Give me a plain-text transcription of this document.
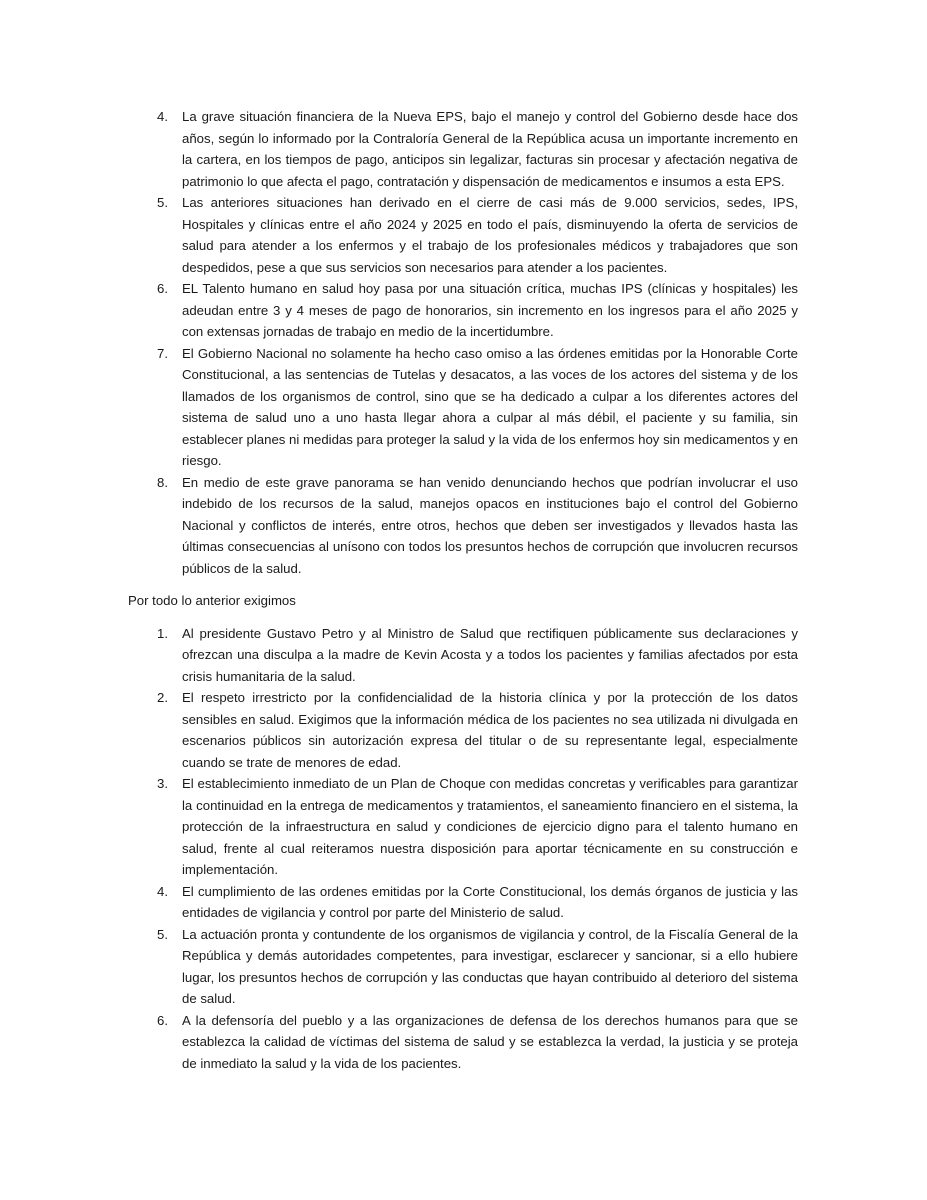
4. La grave situación financiera de la Nueva EPS, bajo el manejo y control del Gobierno desde hace dos años, según lo informado por la Contraloría General de la República acusa un importante incremento en la cartera, en los tiempos de pago, anticipos sin legalizar, facturas sin procesar y afectación negativa de patrimonio lo que afecta el pago, contratación y dispensación de medicamentos e insumos a esta EPS.
5. Las anteriores situaciones han derivado en el cierre de casi más de 9.000 servicios, sedes, IPS, Hospitales y clínicas entre el año 2024 y 2025 en todo el país, disminuyendo la oferta de servicios de salud para atender a los enfermos y el trabajo de los profesionales médicos y trabajadores que son despedidos, pese a que sus servicios son necesarios para atender a los pacientes.
6. EL Talento humano en salud hoy pasa por una situación crítica, muchas IPS (clínicas y hospitales) les adeudan entre 3 y 4 meses de pago de honorarios, sin incremento en los ingresos para el año 2025 y con extensas jornadas de trabajo en medio de la incertidumbre.
7. El Gobierno Nacional no solamente ha hecho caso omiso a las órdenes emitidas por la Honorable Corte Constitucional, a las sentencias de Tutelas y desacatos, a las voces de los actores del sistema y de los llamados de los organismos de control, sino que se ha dedicado a culpar a los diferentes actores del sistema de salud uno a uno hasta llegar ahora a culpar al más débil, el paciente y su familia, sin establecer planes ni medidas para proteger la salud y la vida de los enfermos hoy sin medicamentos y en riesgo.
8. En medio de este grave panorama se han venido denunciando hechos que podrían involucrar el uso indebido de los recursos de la salud, manejos opacos en instituciones bajo el control del Gobierno Nacional y conflictos de interés, entre otros, hechos que deben ser investigados y llevados hasta las últimas consecuencias al unísono con todos los presuntos hechos de corrupción que involucren recursos públicos de la salud.

Por todo lo anterior exigimos

1. Al presidente Gustavo Petro y al Ministro de Salud que rectifiquen públicamente sus declaraciones y ofrezcan una disculpa a la madre de Kevin Acosta y a todos los pacientes y familias afectados por esta crisis humanitaria de la salud.
2. El respeto irrestricto por la confidencialidad de la historia clínica y por la protección de los datos sensibles en salud. Exigimos que la información médica de los pacientes no sea utilizada ni divulgada en escenarios públicos sin autorización expresa del titular o de su representante legal, especialmente cuando se trate de menores de edad.
3. El establecimiento inmediato de un Plan de Choque con medidas concretas y verificables para garantizar la continuidad en la entrega de medicamentos y tratamientos, el saneamiento financiero en el sistema, la protección de la infraestructura en salud y condiciones de ejercicio digno para el talento humano en salud, frente al cual reiteramos nuestra disposición para aportar técnicamente en su construcción e implementación.
4. El cumplimiento de las ordenes emitidas por la Corte Constitucional, los demás órganos de justicia y las entidades de vigilancia y control por parte del Ministerio de salud.
5. La actuación pronta y contundente de los organismos de vigilancia y control, de la Fiscalía General de la República y demás autoridades competentes, para investigar, esclarecer y sancionar, si a ello hubiere lugar, los presuntos hechos de corrupción y las conductas que hayan contribuido al deterioro del sistema de salud.
6. A la defensoría del pueblo y a las organizaciones de defensa de los derechos humanos para que se establezca la calidad de víctimas del sistema de salud y se establezca la verdad, la justicia y se proteja de inmediato la salud y la vida de los pacientes.
